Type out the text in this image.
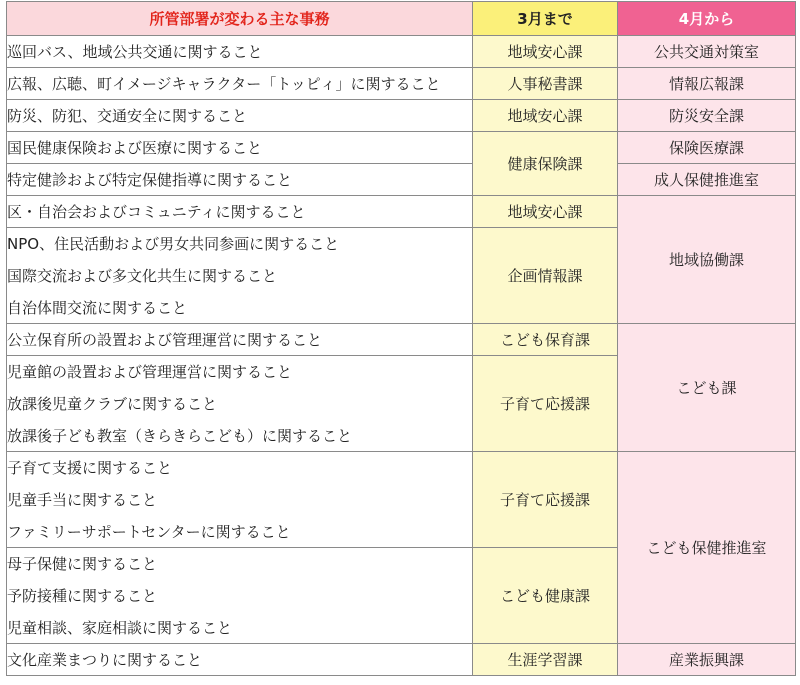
所管部署が変わる主な事務	3月まで	4月から
巡回バス、地域公共交通に関すること	地域安心課	公共交通対策室
広報、広聴、町イメージキャラクター「トッピィ」に関すること	人事秘書課	情報広報課
防災、防犯、交通安全に関すること	地域安心課	防災安全課
国民健康保険および医療に関すること	健康保険課	保険医療課
特定健診および特定保健指導に関すること		成人保健推進室
区・自治会およびコミュニティに関すること	地域安心課	地域協働課
NPO、住民活動および男女共同参画に関すること	企画情報課	
国際交流および多文化共生に関すること		
自治体間交流に関すること		
公立保育所の設置および管理運営に関すること	こども保育課	こども課
児童館の設置および管理運営に関すること	子育て応援課	
放課後児童クラブに関すること		
放課後子ども教室（きらきらこども）に関すること		
子育て支援に関すること	子育て応援課	こども保健推進室
児童手当に関すること		
ファミリーサポートセンターに関すること		
母子保健に関すること	こども健康課	
予防接種に関すること		
児童相談、家庭相談に関すること		
文化産業まつりに関すること	生涯学習課	産業振興課
